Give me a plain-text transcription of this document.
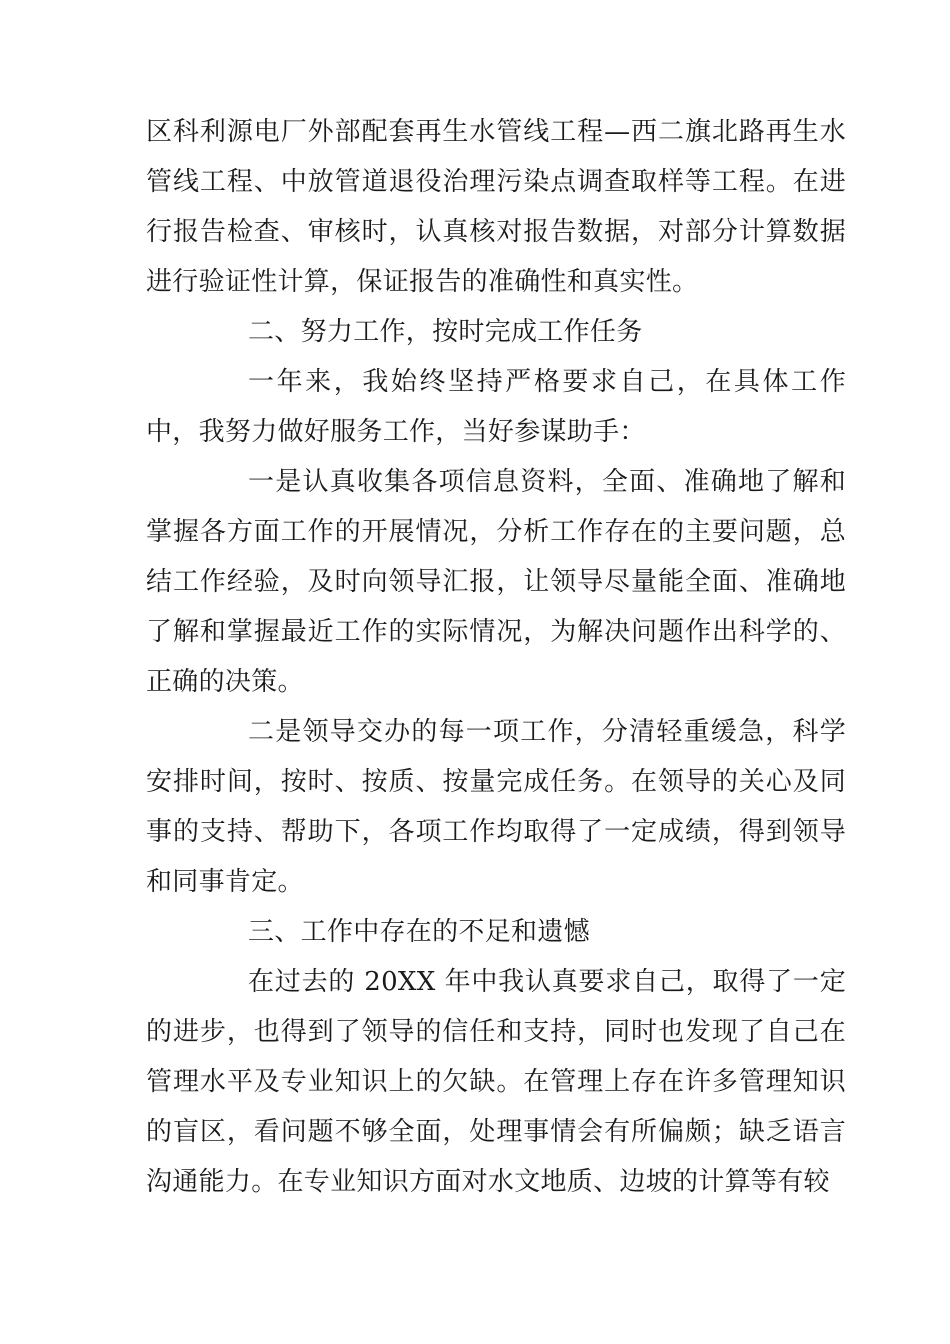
区科利源电厂外部配套再生水管线工程—西二旗北路再生水管线工程、中放管道退役治理污染点调查取样等工程。在进行报告检查、审核时，认真核对报告数据，对部分计算数据进行验证性计算，保证报告的准确性和真实性。

二、努力工作，按时完成工作任务

一年来，我始终坚持严格要求自己，在具体工作中，我努力做好服务工作，当好参谋助手：

一是认真收集各项信息资料，全面、准确地了解和掌握各方面工作的开展情况，分析工作存在的主要问题，总结工作经验，及时向领导汇报，让领导尽量能全面、准确地了解和掌握最近工作的实际情况，为解决问题作出科学的、正确的决策。

二是领导交办的每一项工作，分清轻重缓急，科学安排时间，按时、按质、按量完成任务。在领导的关心及同事的支持、帮助下，各项工作均取得了一定成绩，得到领导和同事肯定。

三、工作中存在的不足和遗憾

在过去的 20XX 年中我认真要求自己，取得了一定的进步，也得到了领导的信任和支持，同时也发现了自己在管理水平及专业知识上的欠缺。在管理上存在许多管理知识的盲区，看问题不够全面，处理事情会有所偏颇；缺乏语言沟通能力。在专业知识方面对水文地质、边坡的计算等有较
